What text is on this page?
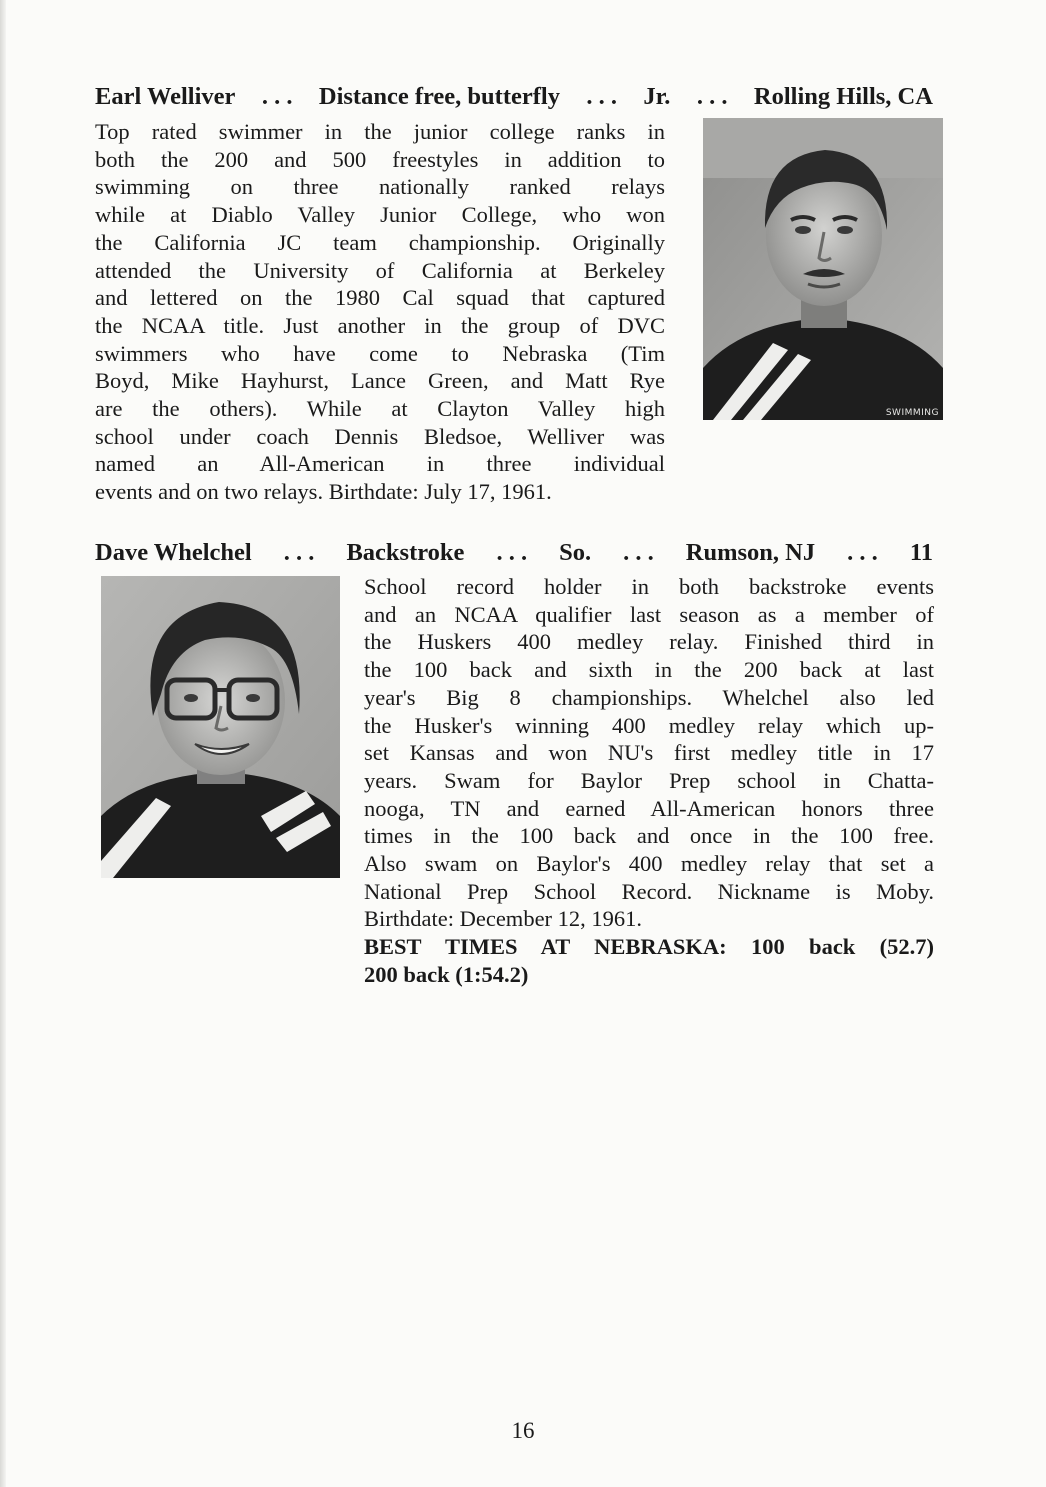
Earl Welliver . . . Distance free, butterfly . . . Jr. . . . Rolling Hills, CA
Top rated swimmer in the junior college ranks in
both the 200 and 500 freestyles in addition to
swimming on three nationally ranked relays
while at Diablo Valley Junior College, who won
the California JC team championship. Originally
attended the University of California at Berkeley
and lettered on the 1980 Cal squad that captured
the NCAA title. Just another in the group of DVC
swimmers who have come to Nebraska (Tim
Boyd, Mike Hayhurst, Lance Green, and Matt Rye
are the others). While at Clayton Valley high
school under coach Dennis Bledsoe, Welliver was
named an All-American in three individual
events and on two relays. Birthdate: July 17, 1961.
SWIMMING
Dave Whelchel . . . Backstroke . . . So. . . . Rumson, NJ . . . 11
School record holder in both backstroke events
and an NCAA qualifier last season as a member of
the Huskers 400 medley relay. Finished third in
the 100 back and sixth in the 200 back at last
year's Big 8 championships. Whelchel also led
the Husker's winning 400 medley relay which up-
set Kansas and won NU's first medley title in 17
years. Swam for Baylor Prep school in Chatta-
nooga, TN and earned All-American honors three
times in the 100 back and once in the 100 free.
Also swam on Baylor's 400 medley relay that set a
National Prep School Record. Nickname is Moby.
Birthdate: December 12, 1961.
BEST TIMES AT NEBRASKA: 100 back (52.7)
200 back (1:54.2)
16
